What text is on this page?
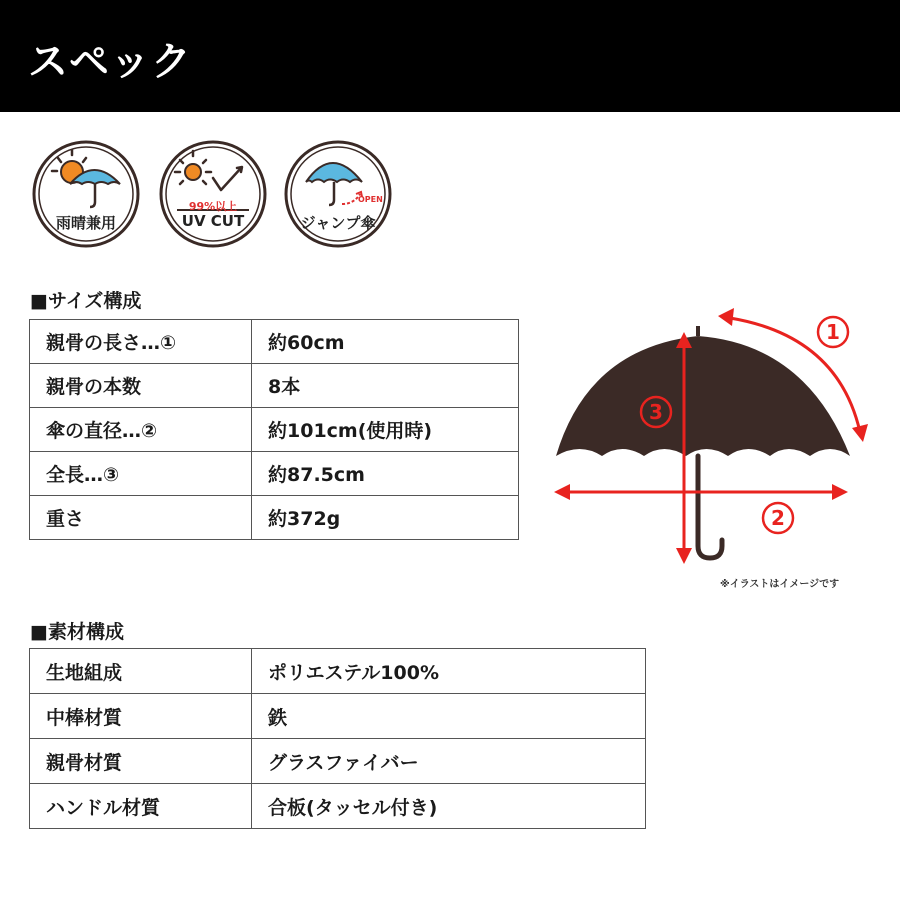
スペック
雨晴兼用
99%以上
UV CUT
OPEN
ジャンプ傘
■サイズ構成
親骨の長さ…①	約60cm
親骨の本数	8本
傘の直径…②	約101cm(使用時)
全長…③	約87.5cm
重さ	約372g
1
3
2
※イラストはイメージです
■素材構成
生地組成	ポリエステル100%
中棒材質	鉄
親骨材質	グラスファイバー
ハンドル材質	合板(タッセル付き)
